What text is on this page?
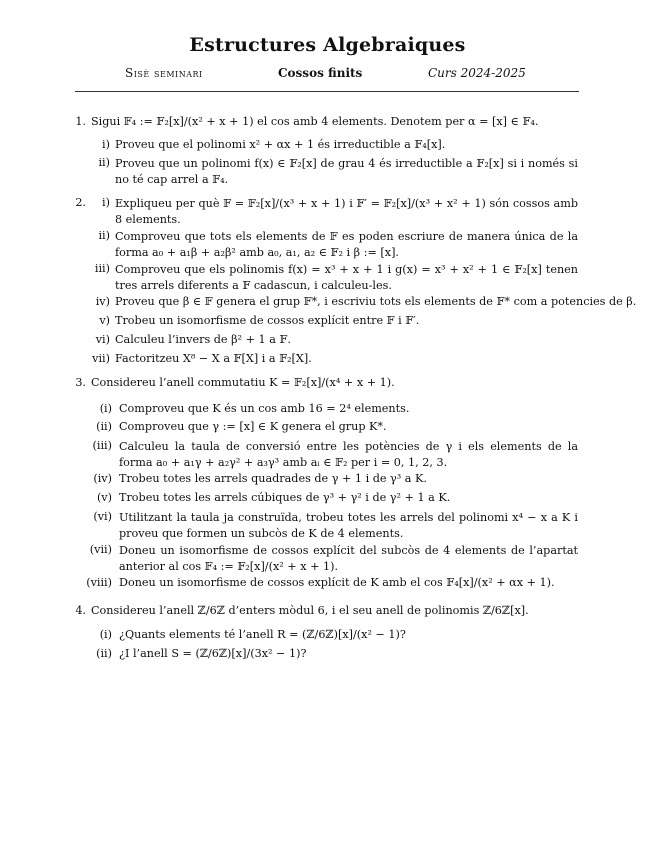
Estructures Algebraiques
Sisè seminari	Cossos finits	Curs 2024-2025
1. Sigui 𝔽₄ := 𝔽₂[x]/(x² + x + 1) el cos amb 4 elements. Denotem per α = [x] ∈ 𝔽₄.
i) Proveu que el polinomi x² + αx + 1 és irreductible a 𝔽₄[x].
ii) Proveu que un polinomi f(x) ∈ 𝔽₂[x] de grau 4 és irreductible a 𝔽₂[x] si i només si no té cap arrel a 𝔽₄.
2.	i) Expliqueu per què 𝔽 = 𝔽₂[x]/(x³ + x + 1) i 𝔽′ = 𝔽₂[x]/(x³ + x² + 1) són cossos amb 8 elements.
ii) Comproveu que tots els elements de 𝔽 es poden escriure de manera única de la forma a₀ + a₁β + a₂β² amb a₀, a₁, a₂ ∈ 𝔽₂ i β := [x].
iii) Comproveu que els polinomis f(x) = x³ + x + 1 i g(x) = x³ + x² + 1 ∈ 𝔽₂[x] tenen tres arrels diferents a 𝔽 cadascun, i calculeu-les.
iv) Proveu que β ∈ 𝔽 genera el grup 𝔽*, i escriviu tots els elements de 𝔽* com a potencies de β.
v) Trobeu un isomorfisme de cossos explícit entre 𝔽 i 𝔽′.
vi) Calculeu l’invers de β² + 1 a 𝔽.
vii) Factoritzeu X⁸ − X a 𝔽[X] i a 𝔽₂[X].
3. Considereu l’anell commutatiu K = 𝔽₂[x]/(x⁴ + x + 1).
(i) Comproveu que K és un cos amb 16 = 2⁴ elements.
(ii) Comproveu que γ := [x] ∈ K genera el grup K*.
(iii) Calculeu la taula de conversió entre les potències de γ i els elements de la forma a₀ + a₁γ + a₂γ² + a₃γ³ amb aᵢ ∈ 𝔽₂ per i = 0, 1, 2, 3.
(iv) Trobeu totes les arrels quadrades de γ + 1 i de γ³ a K.
(v) Trobeu totes les arrels cúbiques de γ³ + γ² i de γ² + 1 a K.
(vi) Utilitzant la taula ja construïda, trobeu totes les arrels del polinomi x⁴ − x a K i proveu que formen un subcòs de K de 4 elements.
(vii) Doneu un isomorfisme de cossos explícit del subcòs de 4 elements de l’apartat anterior al cos 𝔽₄ := 𝔽₂[x]/(x² + x + 1).
(viii) Doneu un isomorfisme de cossos explícit de K amb el cos 𝔽₄[x]/(x² + αx + 1).
4. Considereu l’anell ℤ/6ℤ d’enters mòdul 6, i el seu anell de polinomis ℤ/6ℤ[x].
(i) ¿Quants elements té l’anell R = (ℤ/6ℤ)[x]/(x² − 1)?
(ii) ¿I l’anell S = (ℤ/6ℤ)[x]/(3x² − 1)?
